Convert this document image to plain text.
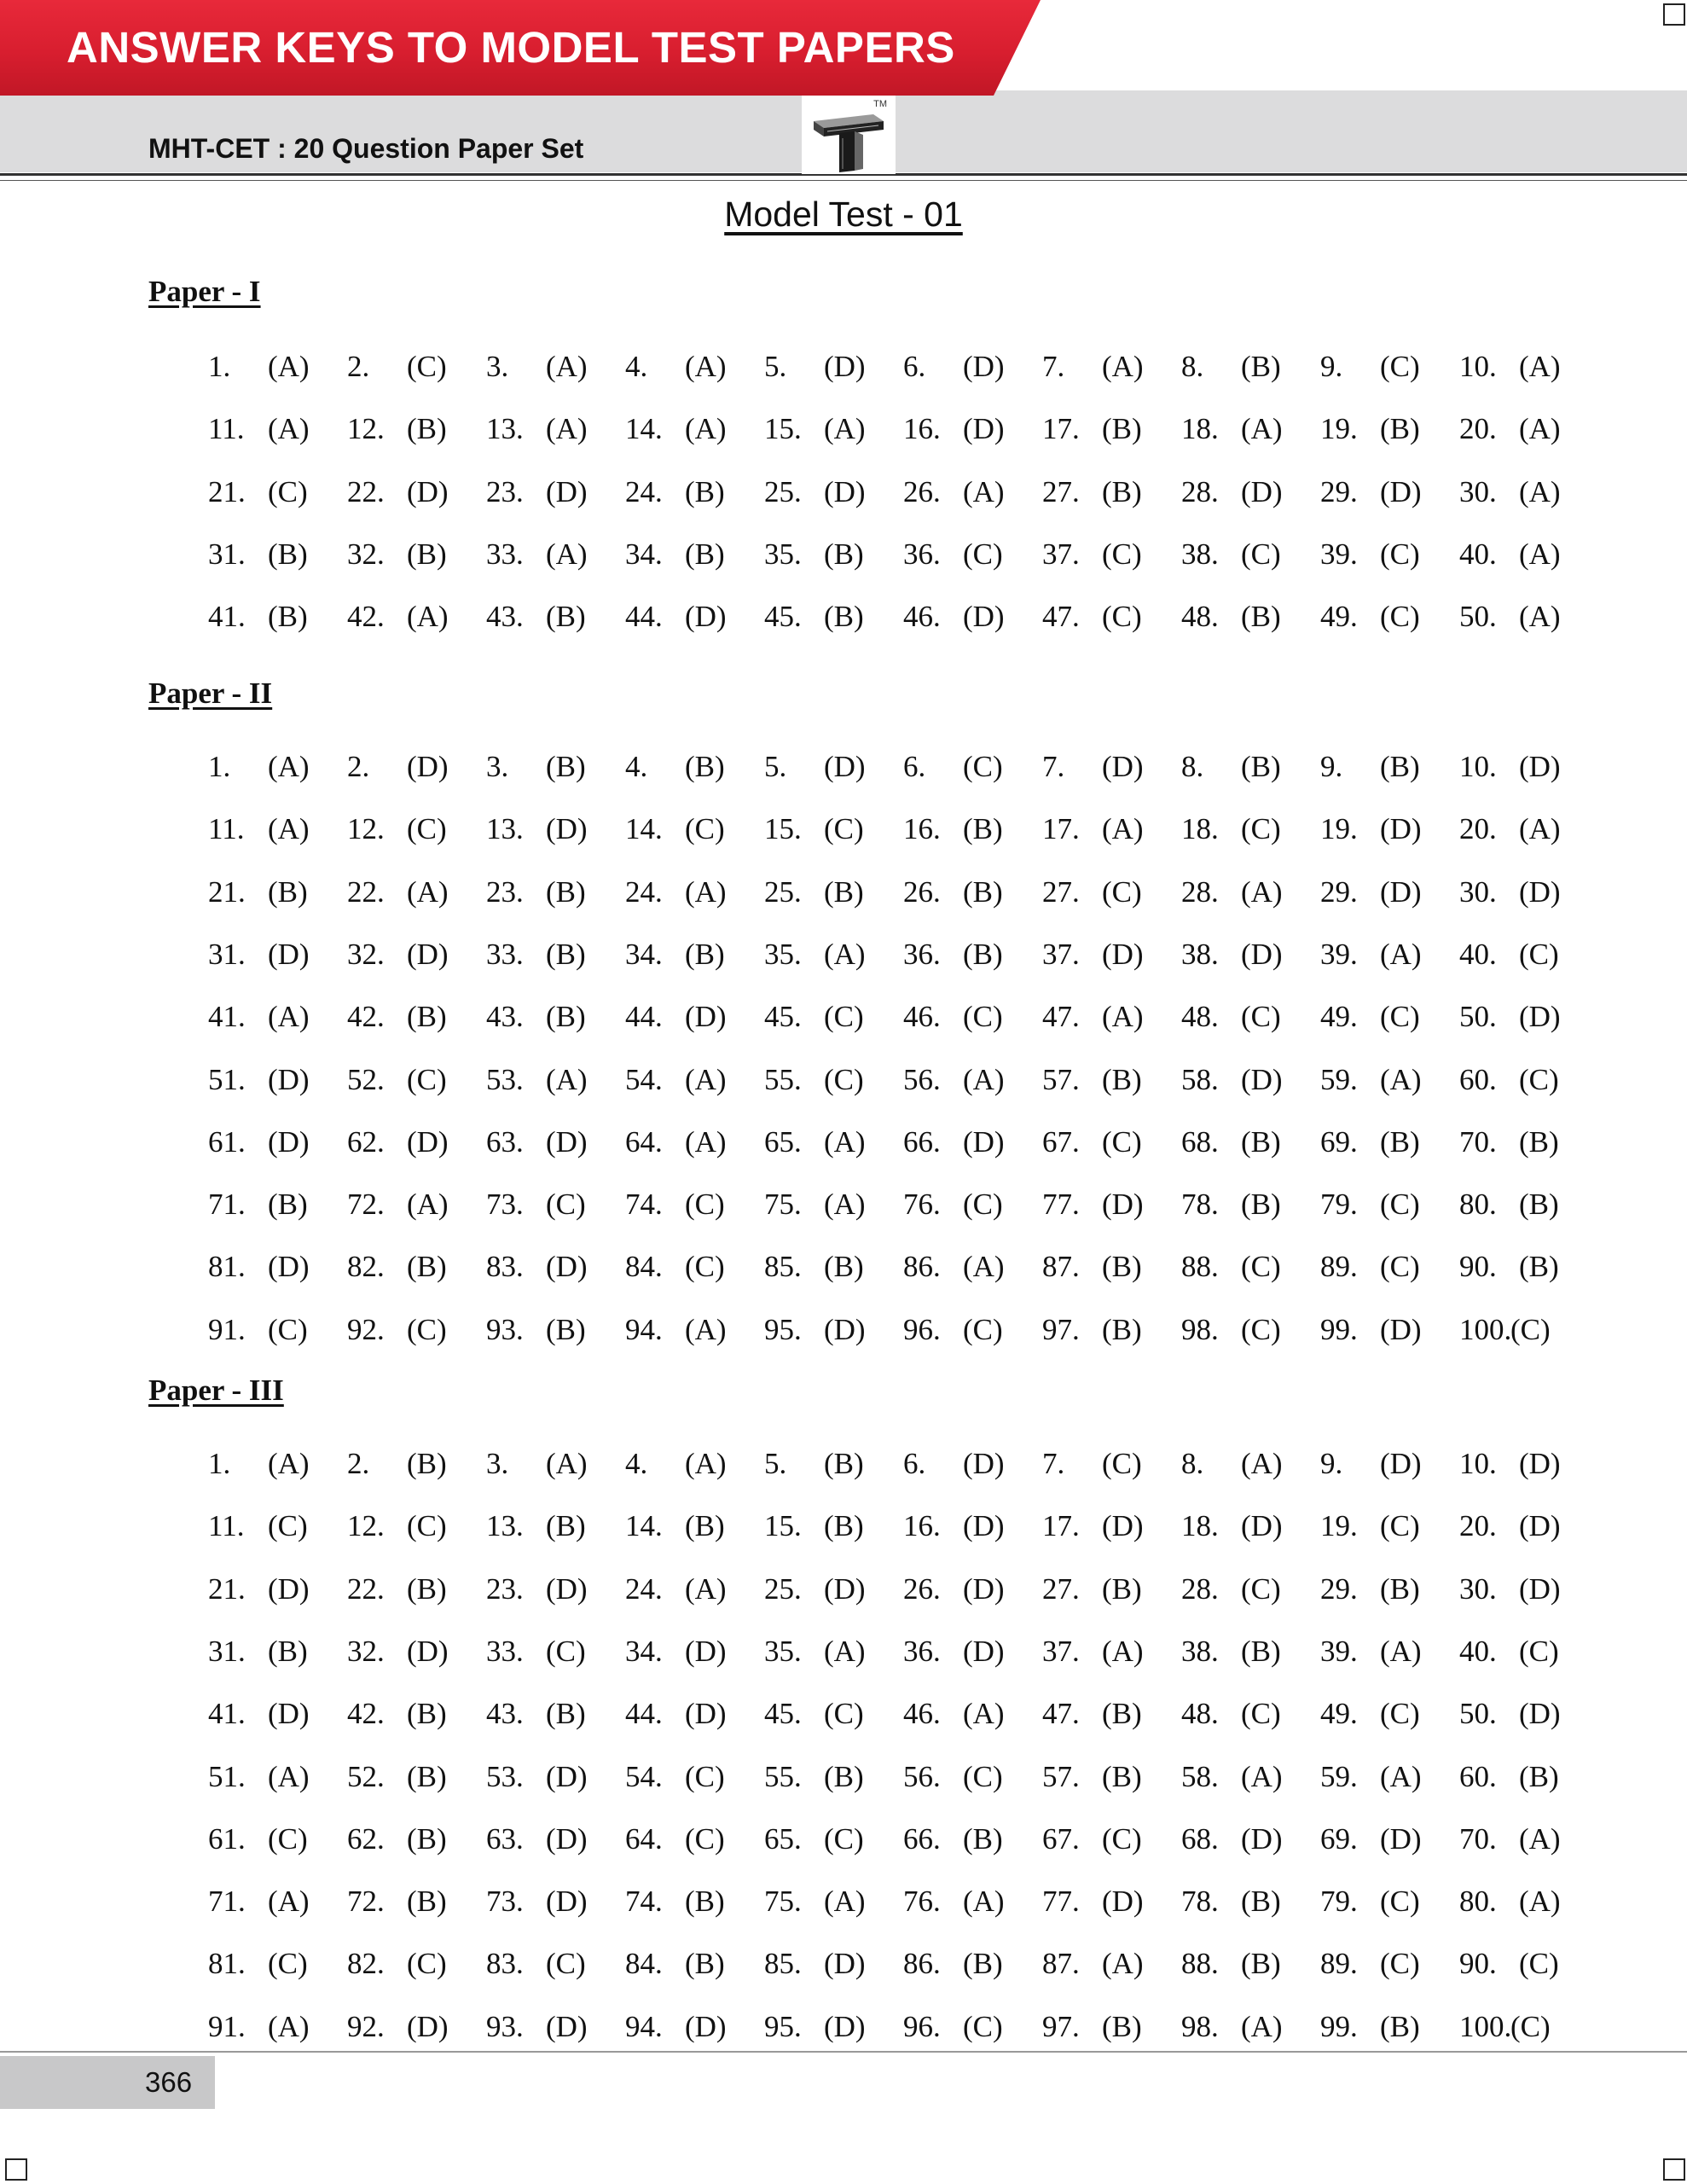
ANSWER KEYS TO MODEL TEST PAPERS
MHT-CET : 20 Question Paper Set
TM
Model Test - 01
Paper - I
1. (A) 2. (C) 3. (A) 4. (A) 5. (D) 6. (D) 7. (A) 8. (B) 9. (C) 10. (A)
11. (A) 12. (B) 13. (A) 14. (A) 15. (A) 16. (D) 17. (B) 18. (A) 19. (B) 20. (A)
21. (C) 22. (D) 23. (D) 24. (B) 25. (D) 26. (A) 27. (B) 28. (D) 29. (D) 30. (A)
31. (B) 32. (B) 33. (A) 34. (B) 35. (B) 36. (C) 37. (C) 38. (C) 39. (C) 40. (A)
41. (B) 42. (A) 43. (B) 44. (D) 45. (B) 46. (D) 47. (C) 48. (B) 49. (C) 50. (A)
Paper - II
1. (A) 2. (D) 3. (B) 4. (B) 5. (D) 6. (C) 7. (D) 8. (B) 9. (B) 10. (D)
11. (A) 12. (C) 13. (D) 14. (C) 15. (C) 16. (B) 17. (A) 18. (C) 19. (D) 20. (A)
21. (B) 22. (A) 23. (B) 24. (A) 25. (B) 26. (B) 27. (C) 28. (A) 29. (D) 30. (D)
31. (D) 32. (D) 33. (B) 34. (B) 35. (A) 36. (B) 37. (D) 38. (D) 39. (A) 40. (C)
41. (A) 42. (B) 43. (B) 44. (D) 45. (C) 46. (C) 47. (A) 48. (C) 49. (C) 50. (D)
51. (D) 52. (C) 53. (A) 54. (A) 55. (C) 56. (A) 57. (B) 58. (D) 59. (A) 60. (C)
61. (D) 62. (D) 63. (D) 64. (A) 65. (A) 66. (D) 67. (C) 68. (B) 69. (B) 70. (B)
71. (B) 72. (A) 73. (C) 74. (C) 75. (A) 76. (C) 77. (D) 78. (B) 79. (C) 80. (B)
81. (D) 82. (B) 83. (D) 84. (C) 85. (B) 86. (A) 87. (B) 88. (C) 89. (C) 90. (B)
91. (C) 92. (C) 93. (B) 94. (A) 95. (D) 96. (C) 97. (B) 98. (C) 99. (D) 100.
(C)
Paper - III
1. (A) 2. (B) 3. (A) 4. (A) 5. (B) 6. (D) 7. (C) 8. (A) 9. (D) 10. (D)
11. (C) 12. (C) 13. (B) 14. (B) 15. (B) 16. (D) 17. (D) 18. (D) 19. (C) 20. (D)
21. (D) 22. (B) 23. (D) 24. (A) 25. (D) 26. (D) 27. (B) 28. (C) 29. (B) 30. (D)
31. (B) 32. (D) 33. (C) 34. (D) 35. (A) 36. (D) 37. (A) 38. (B) 39. (A) 40. (C)
41. (D) 42. (B) 43. (B) 44. (D) 45. (C) 46. (A) 47. (B) 48. (C) 49. (C) 50. (D)
51. (A) 52. (B) 53. (D) 54. (C) 55. (B) 56. (C) 57. (B) 58. (A) 59. (A) 60. (B)
61. (C) 62. (B) 63. (D) 64. (C) 65. (C) 66. (B) 67. (C) 68. (D) 69. (D) 70. (A)
71. (A) 72. (B) 73. (D) 74. (B) 75. (A) 76. (A) 77. (D) 78. (B) 79. (C) 80. (A)
81. (C) 82. (C) 83. (C) 84. (B) 85. (D) 86. (B) 87. (A) 88. (B) 89. (C) 90. (C)
91. (A) 92. (D) 93. (D) 94. (D) 95. (D) 96. (C) 97. (B) 98. (A) 99. (B) 100.
(C)
366
